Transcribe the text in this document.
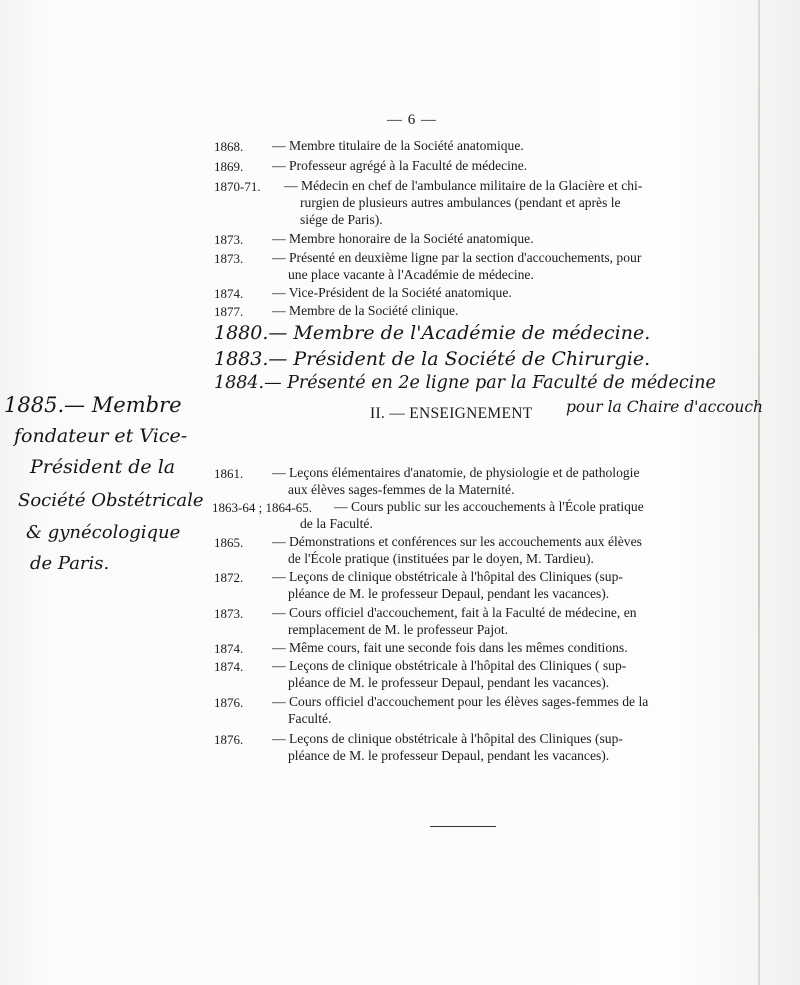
— 6 —
1868. — Membre titulaire de la Société anatomique.
1869. — Professeur agrégé à la Faculté de médecine.
1870-71. — Médecin en chef de l'ambulance militaire de la Glacière et chi-
rurgien de plusieurs autres ambulances (pendant et après le
siége de Paris).
1873. — Membre honoraire de la Société anatomique.
1873. — Présenté en deuxième ligne par la section d'accouchements, pour
une place vacante à l'Académie de médecine.
1874. — Vice-Président de la Société anatomique.
1877. — Membre de la Société clinique.
1880.— Membre de l'Académie de médecine.
1883.— Président de la Société de Chirurgie.
1884.— Présenté en 2e ligne par la Faculté de médecine
pour la Chaire d'accouch
II. — ENSEIGNEMENT
1885.— Membre
fondateur et Vice-
Président de la
Société Obstétricale
& gynécologique
de Paris.
1861. — Leçons élémentaires d'anatomie, de physiologie et de pathologie
aux élèves sages-femmes de la Maternité.
1863-64 ; 1864-65. — Cours public sur les accouchements à l'École pratique
de la Faculté.
1865. — Démonstrations et conférences sur les accouchements aux élèves
de l'École pratique (instituées par le doyen, M. Tardieu).
1872. — Leçons de clinique obstétricale à l'hôpital des Cliniques (sup-
pléance de M. le professeur Depaul, pendant les vacances).
1873. — Cours officiel d'accouchement, fait à la Faculté de médecine, en
remplacement de M. le professeur Pajot.
1874. — Même cours, fait une seconde fois dans les mêmes conditions.
1874. — Leçons de clinique obstétricale à l'hôpital des Cliniques ( sup-
pléance de M. le professeur Depaul, pendant les vacances).
1876. — Cours officiel d'accouchement pour les élèves sages-femmes de la
Faculté.
1876. — Leçons de clinique obstétricale à l'hôpital des Cliniques (sup-
pléance de M. le professeur Depaul, pendant les vacances).
